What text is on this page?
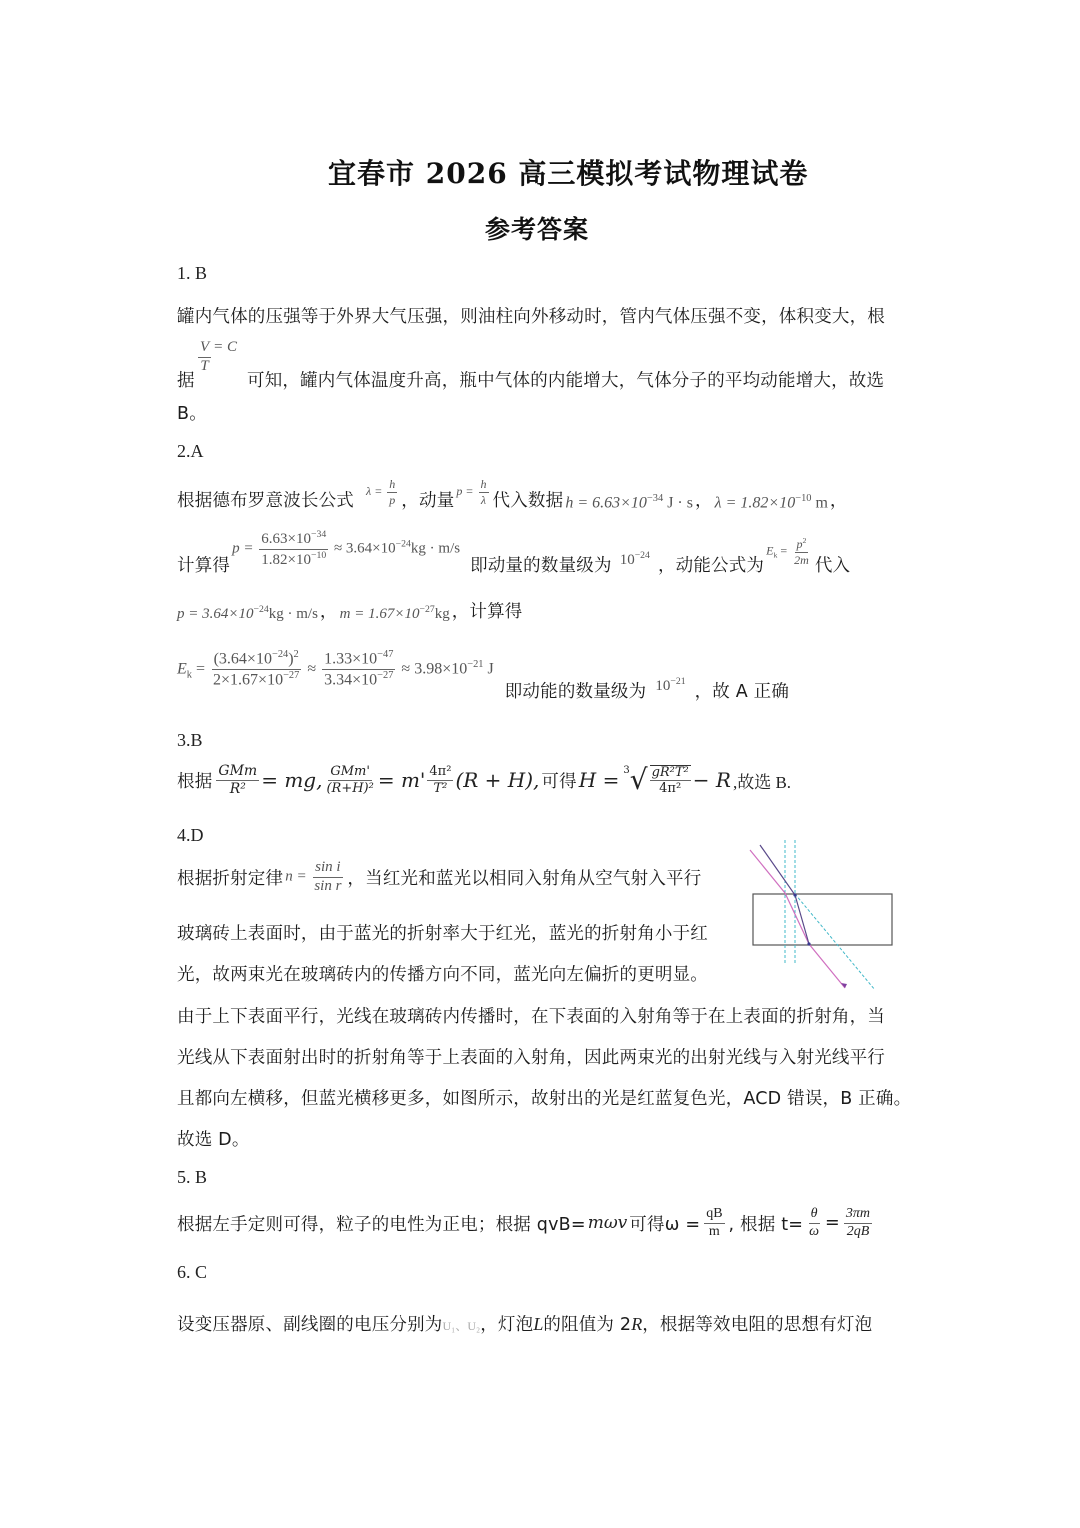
宜春市 2026 高三模拟考试物理试卷
参考答案
1. B
罐内气体的压强等于外界大气压强，则油柱向外移动时，管内气体压强不变，体积变大，根
据
$\frac{V}{T} = C$
可知，罐内气体温度升高，瓶中气体的内能增大，气体分子的平均动能增大，故选
B。
2.A
根据德布罗意波长公式
$\lambda = \frac{h}{p}$ ，动量
$p = \frac{h}{\lambda}$ 代入数据 $h = 6.63\times 10^{-34}$ J · s ， $\lambda = 1.82\times 10^{-10}$ m ，
计算得
$p = \frac{6.63\times 10^{-34}}{1.82\times 10^{-10}} \approx 3.64\times 10^{-24}kg \cdot m/s$
即动量的数量级为 $10^{-24}$
，动能公式为
$E_k = \frac{p^2}{2m}$ 代入
$p = 3.64\times 10^{-24}kg \cdot m/s$ ， $m = 1.67\times 10^{-27}kg$ ，计算得
$E_k = \frac{(3.64\times 10^{-24})^2}{2\times 1.67\times 10^{-27}} \approx \frac{1.33\times 10^{-47}}{3.34\times 10^{-27}} \approx 3.98\times 10^{-21}$ J
即动能的数量级为 $10^{-21}$
，故 A 正确
3.B
根据 $\frac{\text{GMm}}{\text{R²}}$ = mg, $\frac{\text{GMm'}}{\text{(R+H)²}} = m' \frac{\text{4π²}}{\text{T²}} (R + H)$, 可得 H = $^3$ √ $\frac{\text{gR²T²}}{\text{4π²}} - R$ ,故选 B.
4.D
根据折射定律 $n = \frac{\text{sin i}}{\text{sin r}}$ ，当红光和蓝光以相同入射角从空气射入平行
玻璃砖上表面时，由于蓝光的折射率大于红光，蓝光的折射角小于红
光，故两束光在玻璃砖内的传播方向不同，蓝光向左偏折的更明显。
由于上下表面平行，光线在玻璃砖内传播时，在下表面的入射角等于在上表面的折射角，当
光线从下表面射出时的折射角等于上表面的入射角，因此两束光的出射光线与入射光线平行
且都向左横移，但蓝光横移更多，如图所示，故射出的光是红蓝复色光，ACD 错误，B 正确。
故选 D。
5. B
根据左手定则可得，粒子的电性为正电；根据 qvB= mωv 可得$\omega = \frac{qB}{m}$ , 根据 $t= \frac{\theta}{\omega} = \frac{3\pi m}{2qB}$
6. C
设变压器原、副线圈的电压分别为 U₁、U₂ ，灯泡 L 的阻值为 2 R ，根据等效电阻的思想有灯泡
